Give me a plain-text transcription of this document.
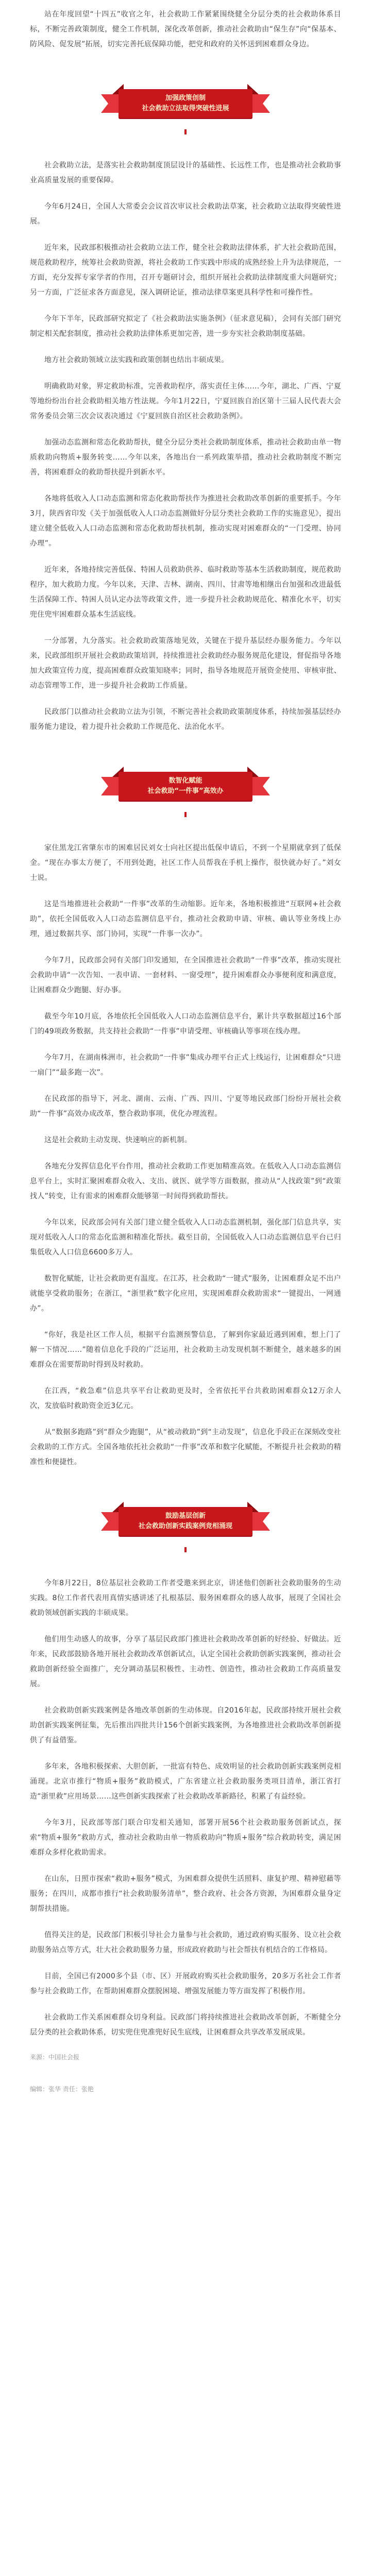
站在年度回望“十四五”收官之年，社会救助工作紧紧围绕健全分层分类的社会救助体系目标，不断完善政策制度，健全工作机制，深化改革创新，推动社会救助由“保生存”向“保基本、防风险、促发展”拓展，切实完善托底保障功能，把党和政府的关怀送到困难群众身边。

加强政策创制
社会救助立法取得突破性进展

社会救助立法，是落实社会救助制度顶层设计的基础性、长远性工作，也是推动社会救助事业高质量发展的重要保障。

今年6月24日，全国人大常委会会议首次审议社会救助法草案，社会救助立法取得突破性进展。

近年来，民政部积极推动社会救助立法工作，健全社会救助法律体系，扩大社会救助范围，规范救助程序，统筹社会救助资源，将社会救助工作实践中形成的成熟经验上升为法律规范，一方面，充分发挥专家学者的作用，召开专题研讨会，组织开展社会救助法律制度重大问题研究；另一方面，广泛征求各方面意见，深入调研论证，推动法律草案更具科学性和可操作性。

今年下半年，民政部研究拟定了《社会救助法实施条例》（征求意见稿），会同有关部门研究制定相关配套制度，推动社会救助法律体系更加完善，进一步夯实社会救助制度基础。

地方社会救助领域立法实践和政策创制也结出丰硕成果。

明确救助对象，界定救助标准，完善救助程序，落实责任主体……今年，湖北、广西、宁夏等地纷纷出台社会救助相关地方性法规。今年1月22日，宁夏回族自治区第十三届人民代表大会常务委员会第三次会议表决通过《宁夏回族自治区社会救助条例》。

加强动态监测和常态化救助帮扶，健全分层分类社会救助制度体系，推动社会救助由单一物质救助向物质+服务转变……今年以来，各地出台一系列政策举措，推动社会救助制度不断完善，将困难群众的救助帮扶提升到新水平。

各地将低收入人口动态监测和常态化救助帮扶作为推进社会救助改革创新的重要抓手。今年3月，陕西省印发《关于加强低收入人口动态监测做好分层分类社会救助工作的实施意见》，提出建立健全低收入人口动态监测和常态化救助帮扶机制，推动实现对困难群众的“一门受理、协同办理”。

近年来，各地持续完善低保、特困人员救助供养、临时救助等基本生活救助制度，规范救助程序，加大救助力度。今年以来，天津、吉林、湖南、四川、甘肃等地相继出台加强和改进最低生活保障工作、特困人员认定办法等政策文件，进一步提升社会救助规范化、精准化水平，切实兜住兜牢困难群众基本生活底线。

一分部署，九分落实。社会救助政策落地见效，关键在于提升基层经办服务能力。今年以来，民政部组织开展社会救助政策培训，持续推进社会救助经办服务规范化建设，督促指导各地加大政策宣传力度，提高困难群众政策知晓率；同时，指导各地规范开展资金使用、审核审批、动态管理等工作，进一步提升社会救助工作质量。

民政部门以推动社会救助立法为引领，不断完善社会救助政策制度体系，持续加强基层经办服务能力建设，着力提升社会救助工作规范化、法治化水平。

数智化赋能
社会救助“一件事”高效办

家住黑龙江省肇东市的困难居民刘女士向社区提出低保申请后，不到一个星期就拿到了低保金。“现在办事太方便了，不用到处跑，社区工作人员帮我在手机上操作，很快就办好了。”刘女士说。

这是当地推进社会救助“一件事”改革的生动缩影。近年来，各地积极推进“互联网+社会救助”，依托全国低收入人口动态监测信息平台，推动社会救助申请、审核、确认等业务线上办理，通过数据共享、部门协同，实现“一件事一次办”。

今年7月，民政部会同有关部门印发通知，在全国推进社会救助“一件事”改革，推动实现社会救助申请“一次告知、一表申请、一套材料、一窗受理”，提升困难群众办事便利度和满意度，让困难群众少跑腿、好办事。

截至今年10月底，各地依托全国低收入人口动态监测信息平台，累计共享数据超过16个部门的49项政务数据，共支持社会救助“一件事”申请受理、审核确认等事项在线办理。

今年7月，在湖南株洲市，社会救助“一件事”集成办理平台正式上线运行，让困难群众“只进一扇门”“最多跑一次”。

在民政部的指导下，河北、湖南、云南、广西、四川、宁夏等地民政部门纷纷开展社会救助“一件事”高效办成改革，整合救助事项，优化办理流程。

这是社会救助主动发现、快速响应的新机制。

各地充分发挥信息化平台作用，推动社会救助工作更加精准高效。在低收入人口动态监测信息平台上，实时汇聚困难群众收入、支出、就医、就学等方面数据，推动从“人找政策”到“政策找人”转变，让有需求的困难群众能够第一时间得到救助帮扶。

今年以来，民政部会同有关部门建立健全低收入人口动态监测机制，强化部门信息共享，实现对低收入人口的常态化监测和精准化帮扶。截至目前，全国低收入人口动态监测信息平台已归集低收入人口信息6600多万人。

数智化赋能，让社会救助更有温度。在江苏，社会救助“一键式”服务，让困难群众足不出户就能享受救助服务；在浙江，“浙里救”数字化应用，实现困难群众救助需求“一键提出、一网通办”。

“你好，我是社区工作人员，根据平台监测预警信息，了解到你家最近遇到困难，想上门了解一下情况……”随着信息化手段的广泛运用，社会救助主动发现机制不断健全，越来越多的困难群众在需要帮助时得到及时救助。

在江西，“救急难”信息共享平台让救助更及时，全省依托平台共救助困难群众12万余人次，发放临时救助资金近3亿元。

从“数据多跑路”到“群众少跑腿”，从“被动救助”到“主动发现”，信息化手段正在深刻改变社会救助的工作方式。全国各地依托社会救助“一件事”改革和数字化赋能，不断提升社会救助的精准性和便捷性。

鼓励基层创新
社会救助创新实践案例竞相涌现

今年8月22日，8位基层社会救助工作者受邀来到北京，讲述他们创新社会救助服务的生动实践。8位工作者代表用真情实感讲述了扎根基层、服务困难群众的感人故事，展现了全国社会救助领域创新实践的丰硕成果。

他们用生动感人的故事，分享了基层民政部门推进社会救助改革创新的好经验、好做法。近年来，民政部鼓励各地开展社会救助改革创新试点，认定全国社会救助创新实践案例，推动社会救助创新经验全面推广，充分调动基层积极性、主动性、创造性，推动社会救助工作高质量发展。

社会救助创新实践案例是各地改革创新的生动体现。自2016年起，民政部持续开展社会救助创新实践案例征集，先后推出四批共计156个创新实践案例，为各地推进社会救助改革创新提供了有益借鉴。

多年来，各地积极探索、大胆创新，一批富有特色、成效明显的社会救助创新实践案例竞相涌现。北京市推行“物质+服务”救助模式，广东省建立社会救助服务类项目清单，浙江省打造“浙里救”应用场景……这些创新实践探索了社会救助改革新路径，积累了有益经验。

今年3月，民政部等部门联合印发相关通知，部署开展56个社会救助服务创新试点，探索“物质+服务”救助方式，推动社会救助由单一物质救助向“物质+服务”综合救助转变，满足困难群众多样化救助需求。

在山东，日照市探索“救助+服务”模式，为困难群众提供生活照料、康复护理、精神慰藉等服务；在四川，成都市推行“社会救助服务清单”，整合政府、社会各方资源，为困难群众量身定制帮扶措施。

值得关注的是，民政部门积极引导社会力量参与社会救助，通过政府购买服务、设立社会救助服务站点等方式，壮大社会救助服务力量，形成政府救助与社会帮扶有机结合的工作格局。

目前，全国已有2000多个县（市、区）开展政府购买社会救助服务，20多万名社会工作者参与社会救助工作，在帮助困难群众摆脱困境、增强发展能力等方面发挥了积极作用。

社会救助工作关系困难群众切身利益。民政部门将持续推进社会救助改革创新，不断健全分层分类的社会救助体系，切实兜住兜准兜好民生底线，让困难群众共享改革发展成果。

来源：中国社会报

编辑：张华 责任：张艳
